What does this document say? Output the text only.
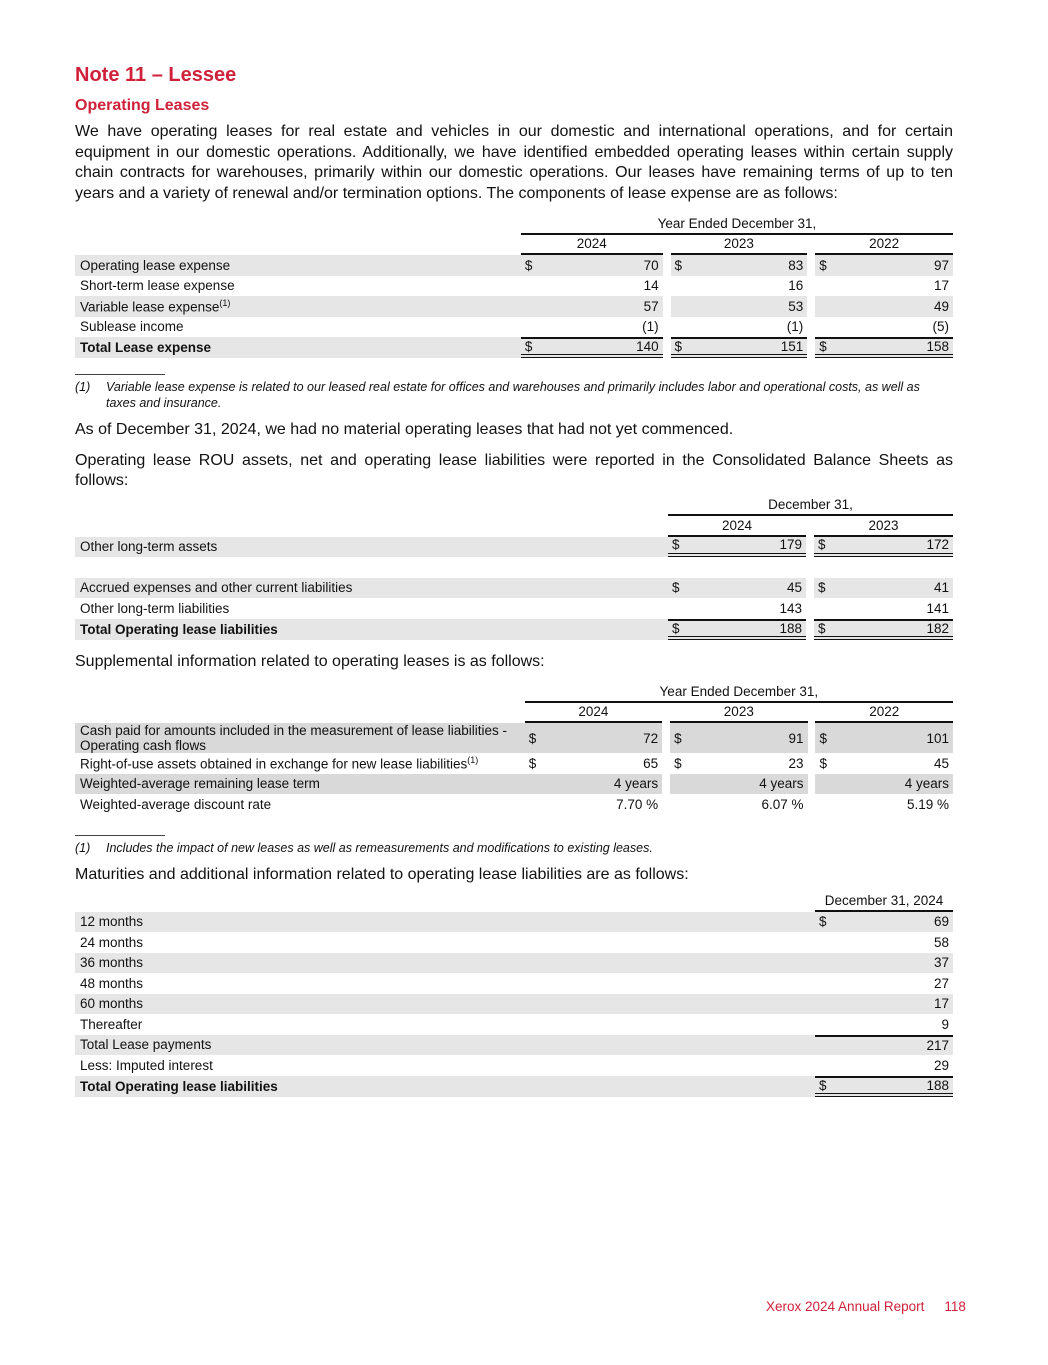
Note 11 – Lessee
Operating Leases

We have operating leases for real estate and vehicles in our domestic and international operations, and for certain equipment in our domestic operations. Additionally, we have identified embedded operating leases within certain supply chain contracts for warehouses, primarily within our domestic operations. Our leases have remaining terms of up to ten years and a variety of renewal and/or termination options. The components of lease expense are as follows:

	Year Ended December 31,				
	2024		2023		2022
Operating lease expense	$ 70		$ 83		$ 97

Short-term lease expense	14		16		17

Variable lease expense$^{(1)}$	57		53		49

Sublease income	(1)		(1)		(5)

Total Lease expense	$ 140		$ 151		$ 158
(1)	Variable lease expense is related to our leased real estate for offices and warehouses and primarily includes labor and operational costs, as well as taxes and insurance.

As of December 31, 2024, we had no material operating leases that had not yet commenced.

Operating lease ROU assets, net and operating lease liabilities were reported in the Consolidated Balance Sheets as follows:

	December 31,		
	2024		2023
Other long-term assets	$ 179		$ 172

Accrued expenses and other current liabilities	$ 45		$ 41

Other long-term liabilities	143		141

Total Operating lease liabilities	$ 188		$ 182

Supplemental information related to operating leases is as follows:

	Year Ended December 31,				
	2024		2023		2022
Cash paid for amounts included in the measurement of lease liabilities - Operating cash flows	$ 72		$ 91		$ 101

Right-of-use assets obtained in exchange for new lease liabilities$^{(1)}$	$ 65		$ 23		$ 45

Weighted-average remaining lease term	4 years		4 years		4 years

Weighted-average discount rate	7.70 %		6.07 %		5.19 %
(1)	Includes the impact of new leases as well as remeasurements and modifications to existing leases.

Maturities and additional information related to operating lease liabilities are as follows:

	December 31, 2024
12 months	$ 69

24 months	58

36 months	37

48 months	27

60 months	17

Thereafter	9

Total Lease payments	217

Less: Imputed interest	29

Total Operating lease liabilities	$ 188
Xerox 2024 Annual Report 118
